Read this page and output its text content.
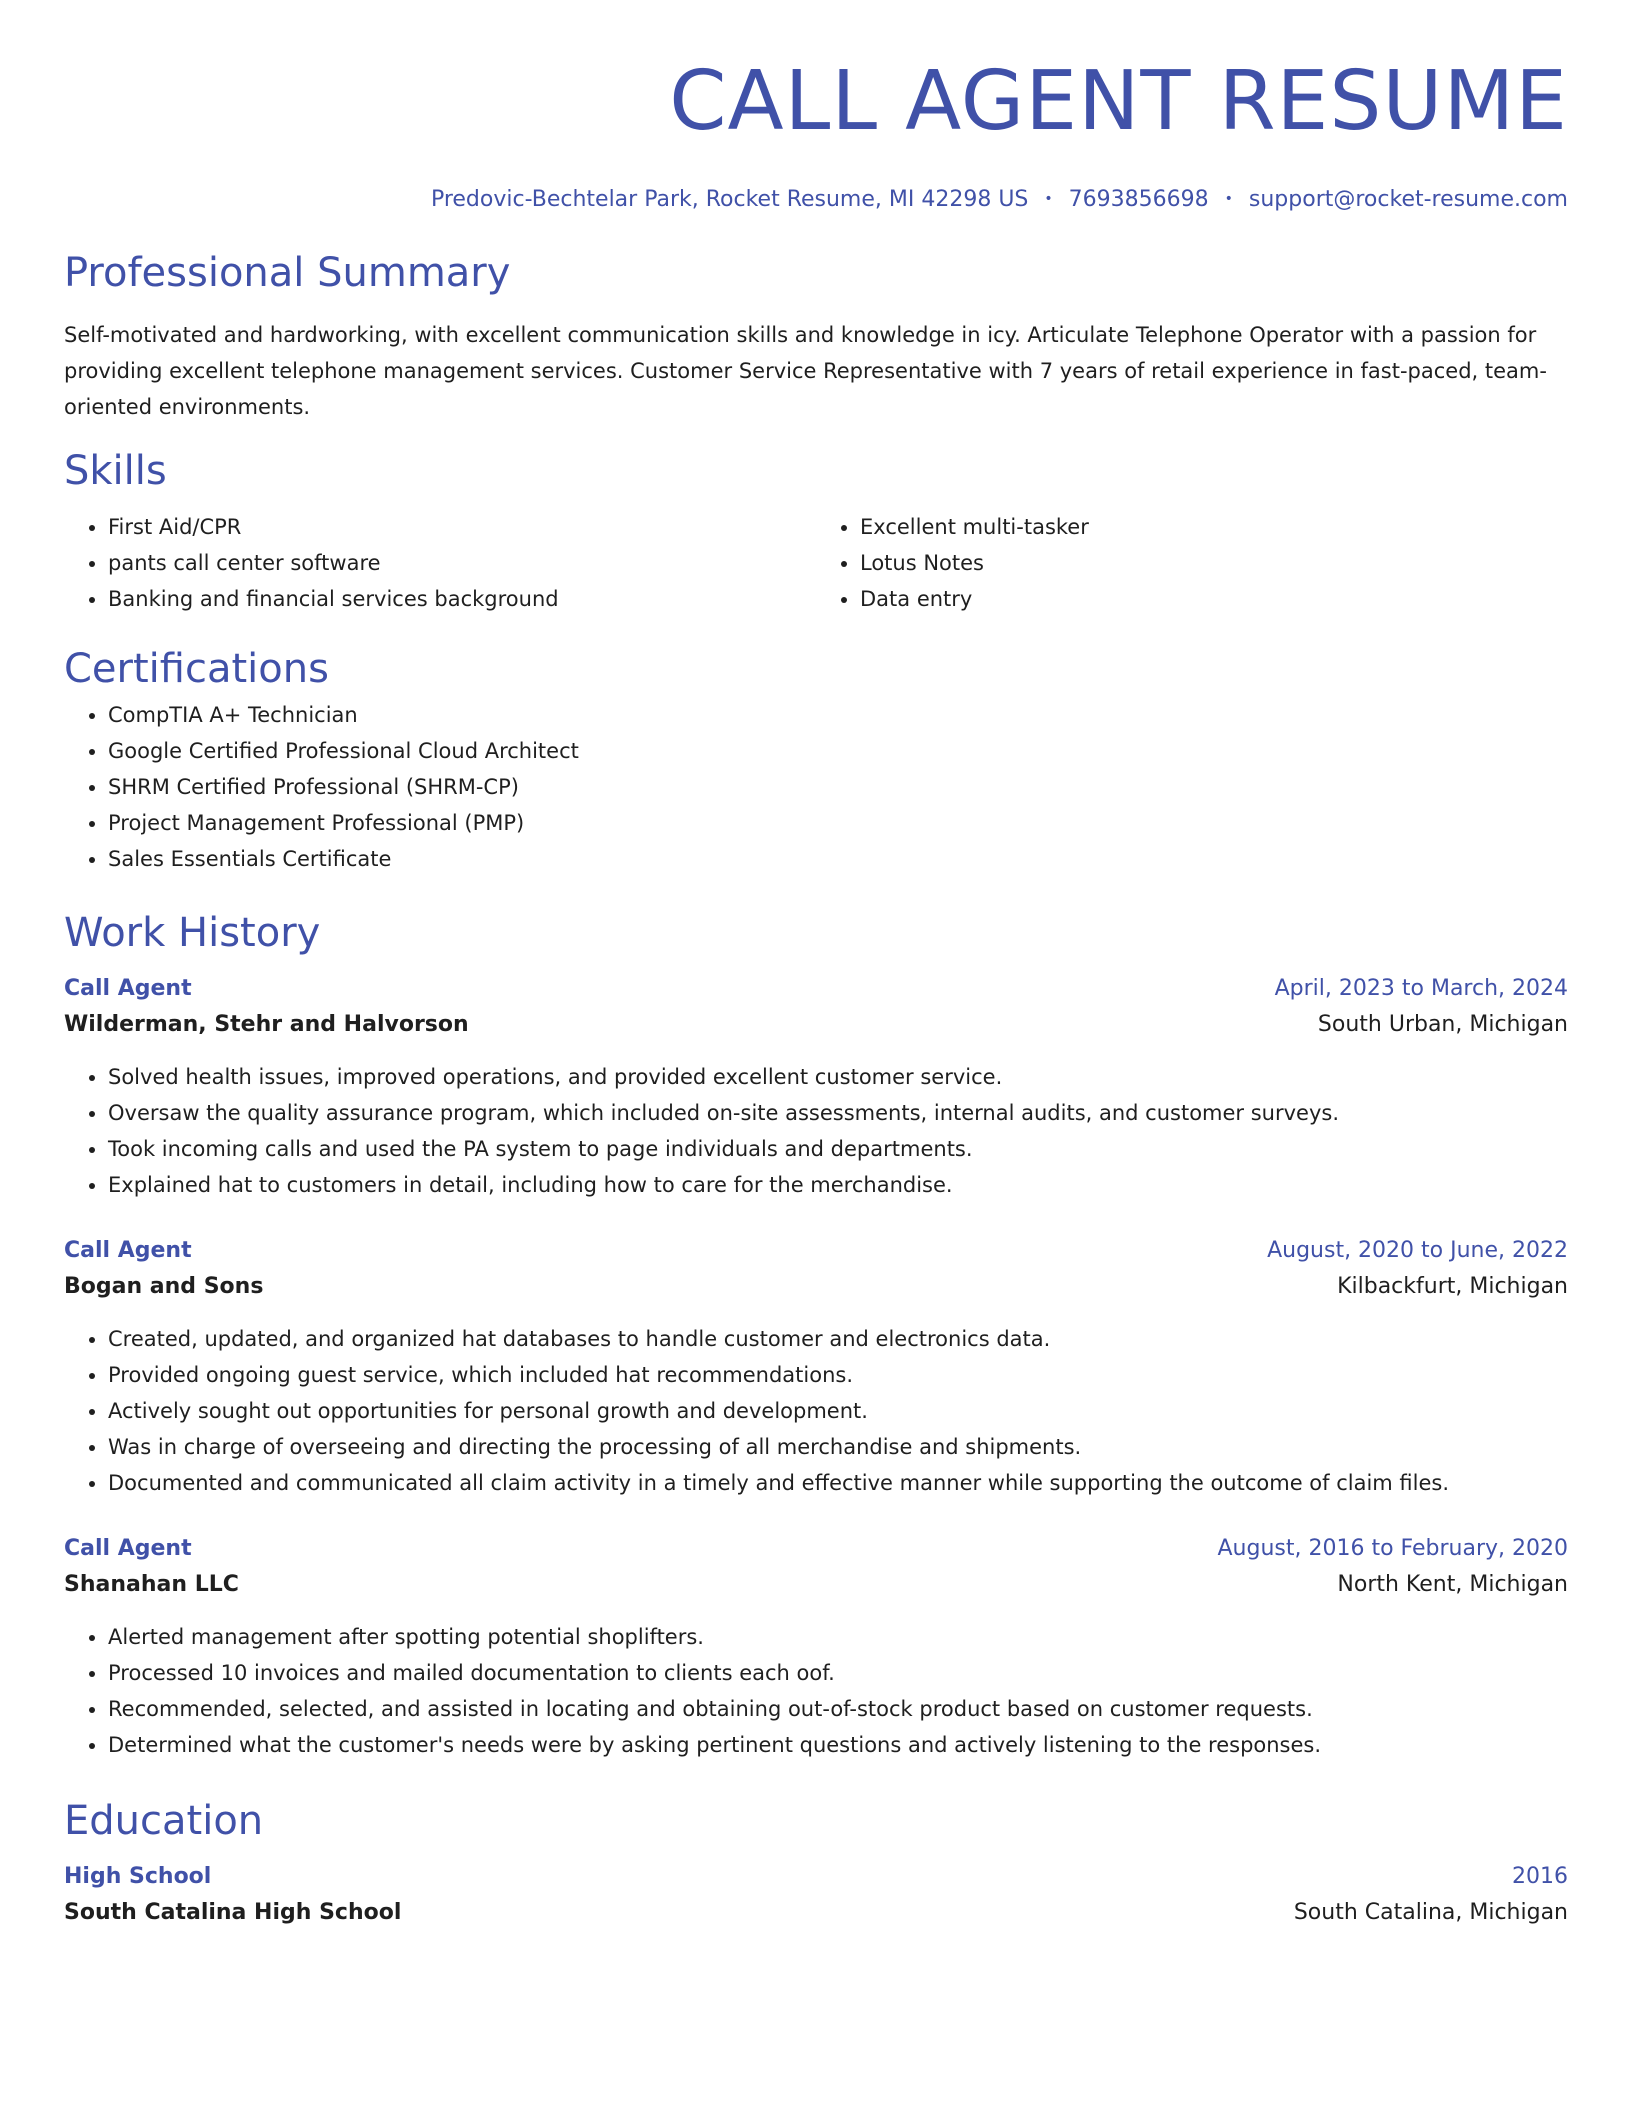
CALL AGENT RESUME
Predovic-Bechtelar Park, Rocket Resume, MI 42298 US • 7693856698 • support@rocket-resume.com
Professional Summary
Self-motivated and hardworking, with excellent communication skills and knowledge in icy. Articulate Telephone Operator with a passion for providing excellent telephone management services. Customer Service Representative with 7 years of retail experience in fast-paced, team-oriented environments.
Skills
• First Aid/CPR
• pants call center software
• Banking and financial services background
• Excellent multi-tasker
• Lotus Notes
• Data entry
Certifications
• CompTIA A+ Technician
• Google Certified Professional Cloud Architect
• SHRM Certified Professional (SHRM-CP)
• Project Management Professional (PMP)
• Sales Essentials Certificate
Work History
Call Agent	April, 2023 to March, 2024
Wilderman, Stehr and Halvorson	South Urban, Michigan
• Solved health issues, improved operations, and provided excellent customer service.
• Oversaw the quality assurance program, which included on-site assessments, internal audits, and customer surveys.
• Took incoming calls and used the PA system to page individuals and departments.
• Explained hat to customers in detail, including how to care for the merchandise.
Call Agent	August, 2020 to June, 2022
Bogan and Sons	Kilbackfurt, Michigan
• Created, updated, and organized hat databases to handle customer and electronics data.
• Provided ongoing guest service, which included hat recommendations.
• Actively sought out opportunities for personal growth and development.
• Was in charge of overseeing and directing the processing of all merchandise and shipments.
• Documented and communicated all claim activity in a timely and effective manner while supporting the outcome of claim files.
Call Agent	August, 2016 to February, 2020
Shanahan LLC	North Kent, Michigan
• Alerted management after spotting potential shoplifters.
• Processed 10 invoices and mailed documentation to clients each oof.
• Recommended, selected, and assisted in locating and obtaining out-of-stock product based on customer requests.
• Determined what the customer's needs were by asking pertinent questions and actively listening to the responses.
Education
High School	2016
South Catalina High School	South Catalina, Michigan
